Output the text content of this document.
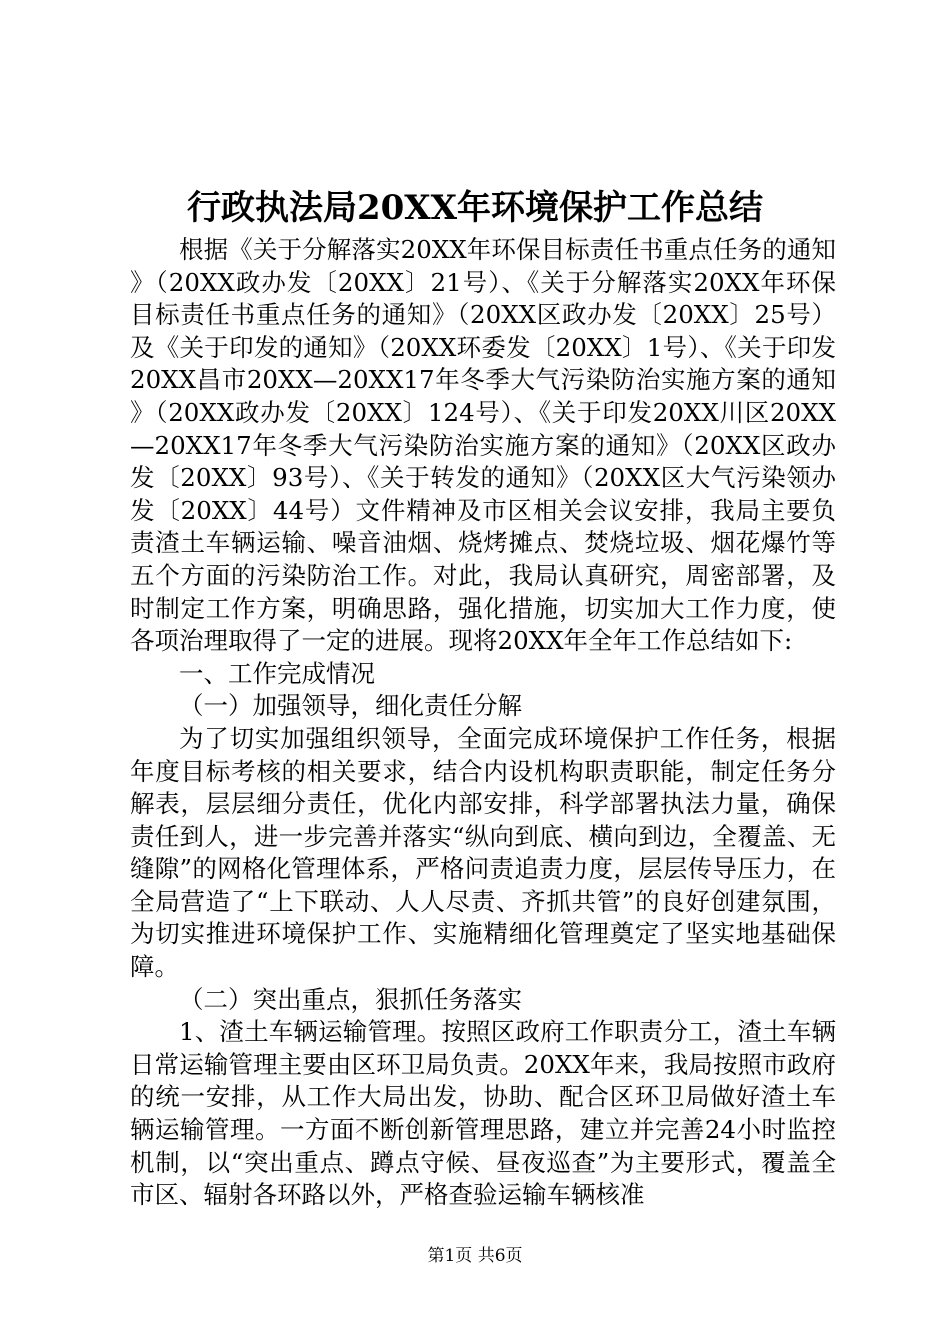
行政执法局20XX年环境保护工作总结

根据《关于分解落实20XX年环保目标责任书重点任务的通知》（20XX政办发〔20XX〕21号）、《关于分解落实20XX年环保目标责任书重点任务的通知》（20XX区政办发〔20XX〕25号）及《关于印发的通知》（20XX环委发〔20XX〕1号）、《关于印发20XX昌市20XX—20XX17年冬季大气污染防治实施方案的通知》（20XX政办发〔20XX〕124号）、《关于印发20XX川区20XX—20XX17年冬季大气污染防治实施方案的通知》（20XX区政办发〔20XX〕93号）、《关于转发的通知》（20XX区大气污染领办发〔20XX〕44号）文件精神及市区相关会议安排，我局主要负责渣土车辆运输、噪音油烟、烧烤摊点、焚烧垃圾、烟花爆竹等五个方面的污染防治工作。对此，我局认真研究，周密部署，及时制定工作方案，明确思路，强化措施，切实加大工作力度，使各项治理取得了一定的进展。现将20XX年全年工作总结如下:

一、工作完成情况

（一）加强领导，细化责任分解

为了切实加强组织领导，全面完成环境保护工作任务，根据年度目标考核的相关要求，结合内设机构职责职能，制定任务分解表，层层细分责任，优化内部安排，科学部署执法力量，确保责任到人，进一步完善并落实“纵向到底、横向到边，全覆盖、无缝隙”的网格化管理体系，严格问责追责力度，层层传导压力，在全局营造了“上下联动、人人尽责、齐抓共管”的良好创建氛围，为切实推进环境保护工作、实施精细化管理奠定了坚实地基础保障。

（二）突出重点，狠抓任务落实

1、渣土车辆运输管理。按照区政府工作职责分工，渣土车辆日常运输管理主要由区环卫局负责。20XX年来，我局按照市政府的统一安排，从工作大局出发，协助、配合区环卫局做好渣土车辆运输管理。一方面不断创新管理思路，建立并完善24小时监控机制，以“突出重点、蹲点守候、昼夜巡查”为主要形式，覆盖全市区、辐射各环路以外，严格查验运输车辆核准

第1页 共6页
